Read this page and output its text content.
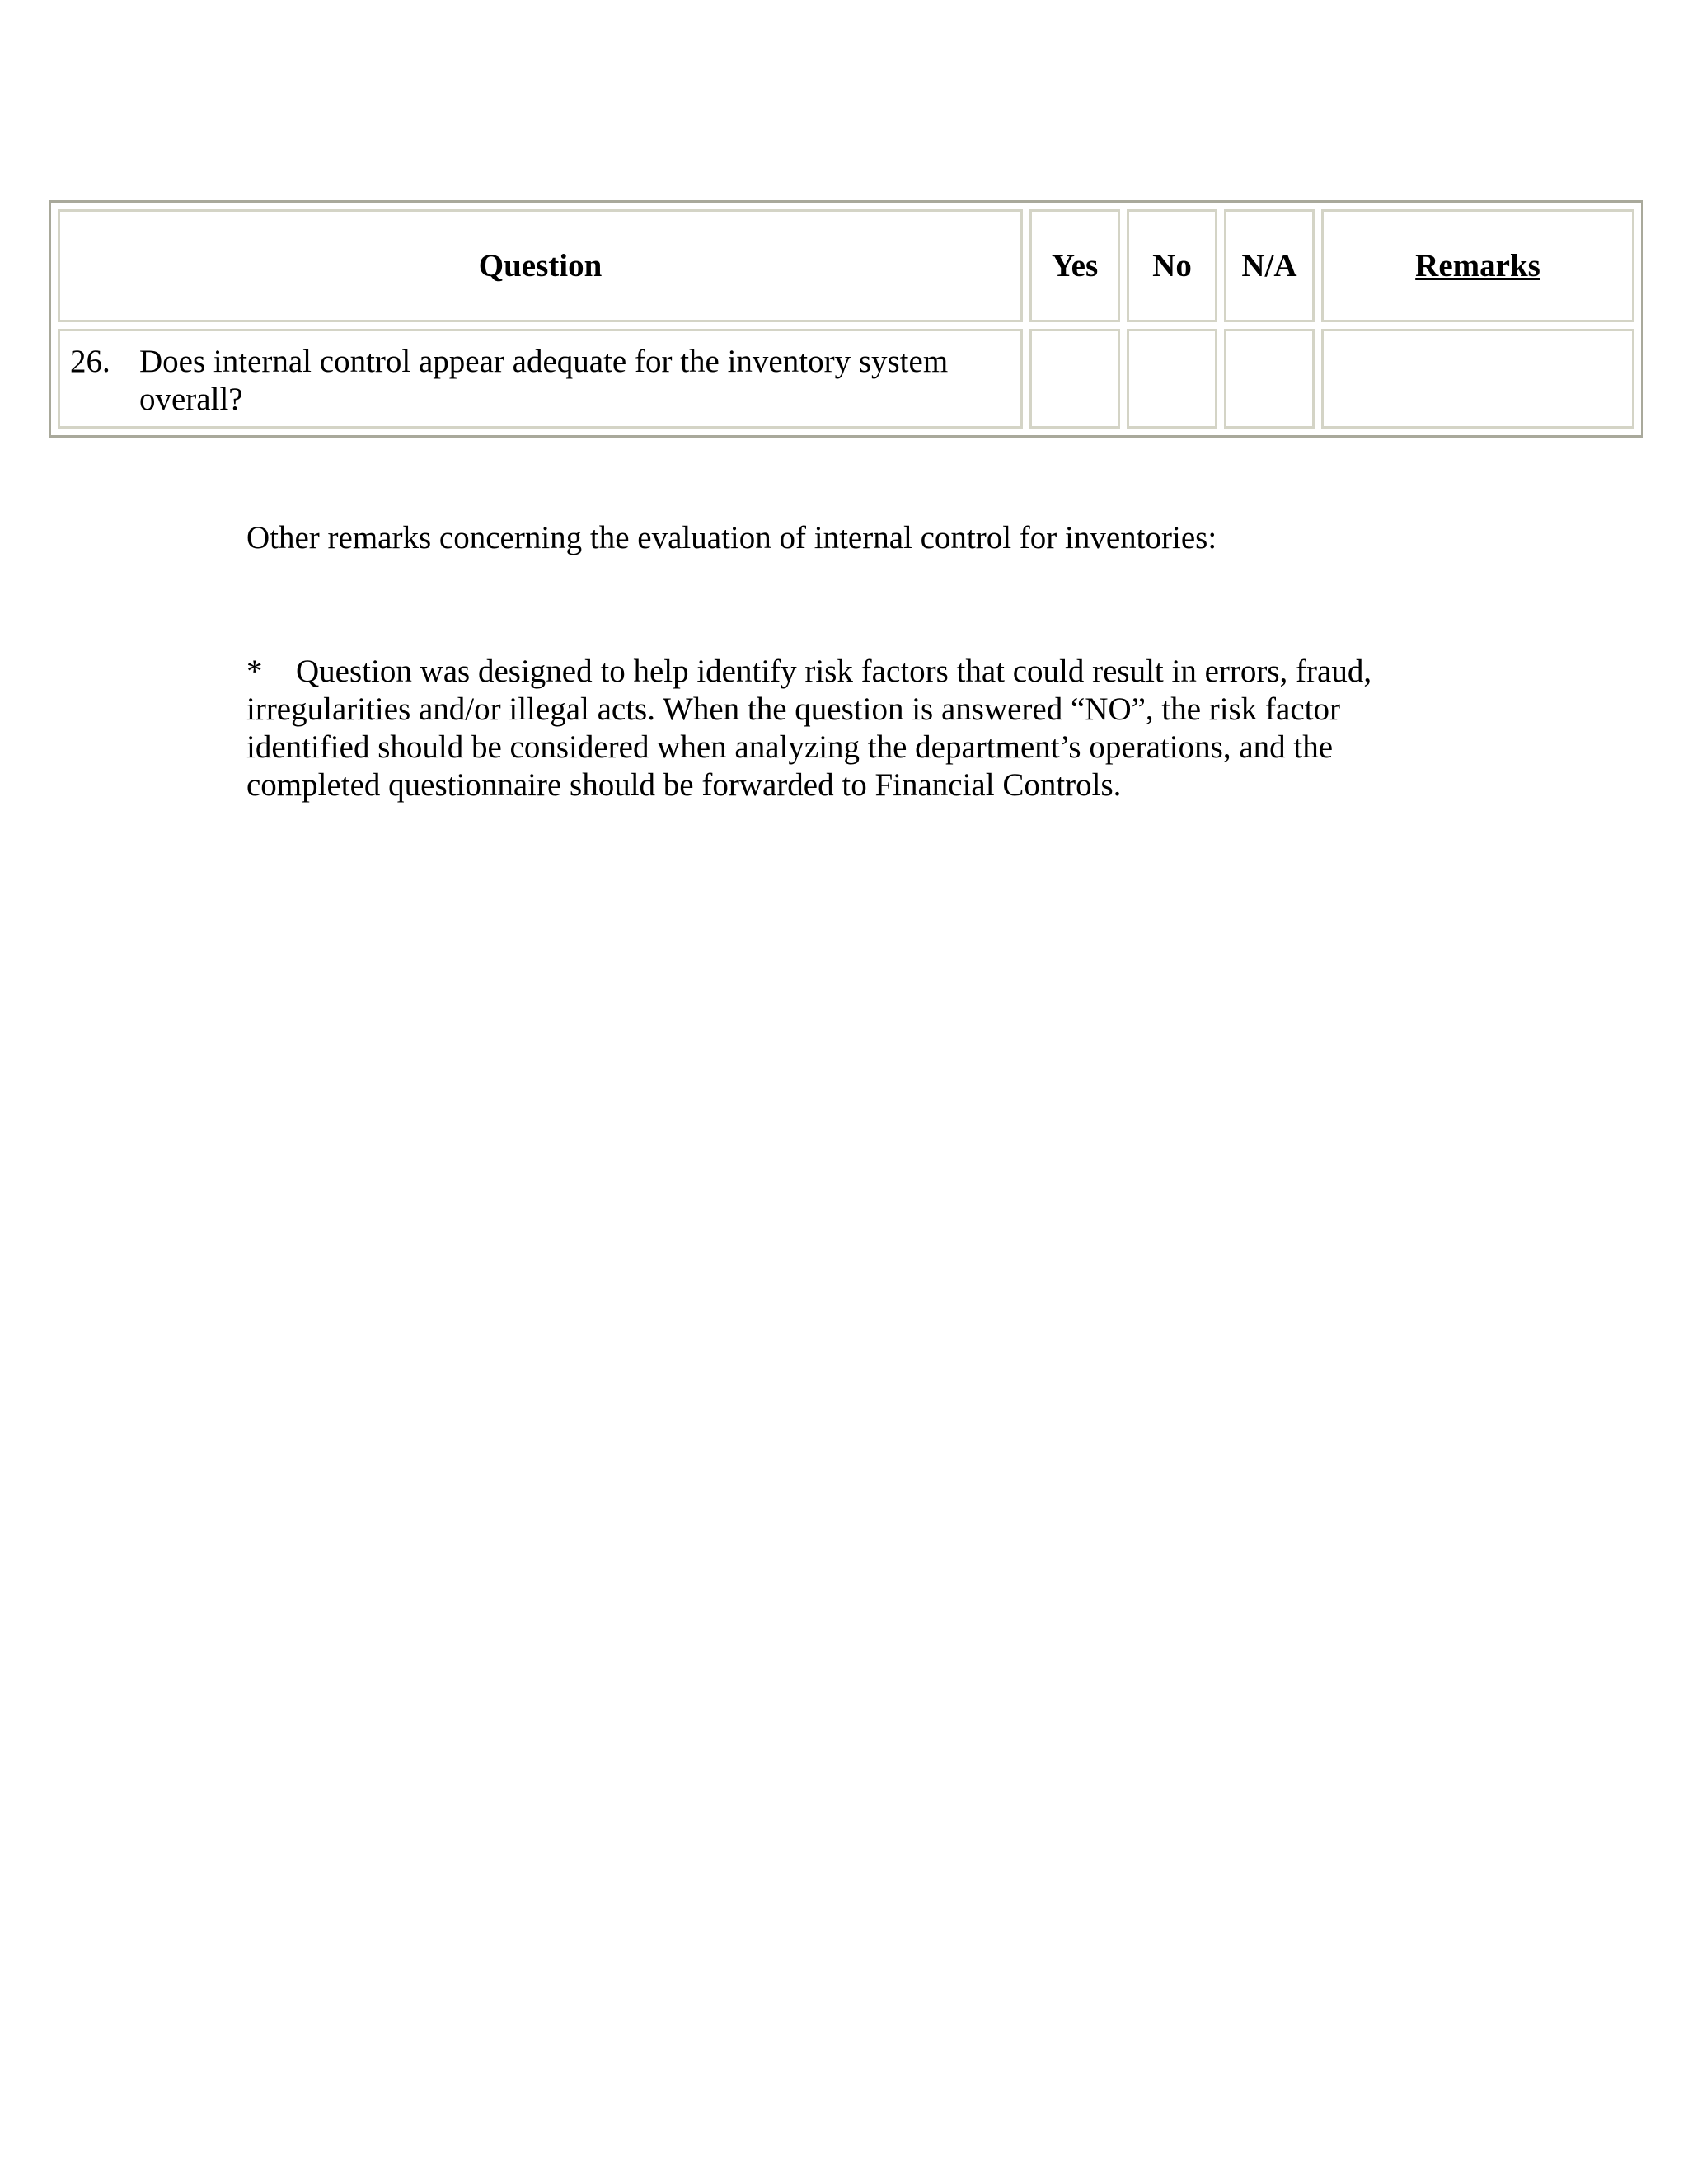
Question	Yes	No	N/A	Remarks

26. Does internal control appear adequate for the inventory system overall?				

Other remarks concerning the evaluation of internal control for inventories:
* Question was designed to help identify risk factors that could result in errors, fraud, irregularities and/or illegal acts. When the question is answered “NO”, the risk factor identified should be considered when analyzing the department’s operations, and the completed questionnaire should be forwarded to Financial Controls.
